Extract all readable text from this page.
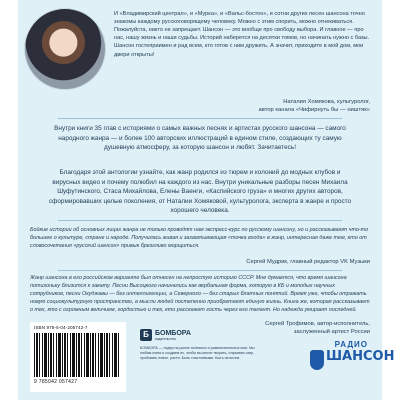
И «Владимирский централ», и «Мурка», и «Вальс-бостон», и сотни других песен шансона точно знакомы каждому русскоговорящему человеку. Можно с этим спорить, можно отнекиваться. Пожалуйста, никто не запрещает. Шансон — это вообще про свободу выбора. И главное — про нас, нашу жизнь и наши судьбы. Историй наберется на десятки томов, но начинать нужно с базы. Шансон гостеприимен и рад всем, кто готов с ним дружить. А значит, приходите в мой дом, мои двери открыты!
Наталия Хомякова, культуролог,
автор канала «Чифирнуть бы — ништяк»

Внутри книги 35 глав с историями о самых важных песнях и артистах русского шансона — самого народного жанра — и более 100 авторских иллюстраций в едином стиле, создающих ту самую душевную атмосферу, за которую шансон и любят. Зачитаетесь!

Благодаря этой антологии узнайте, как жанр родился из тюрем и колоний до модных клубов и вирусных видео и почему полюбил на каждого из нас. Внутри уникальные разборы песен Михаила Шуфутинского, Стаса Михайлова, Елены Ваенги, «Каспийского груза» и многих других авторов, сформировавших целые поколения, от Наталии Хомяковой, культуролога, эксперта в жанре и просто хорошего человека.

Бойкие истории об основных лицах жанра не только проводят нам экспресс-курс по русскому шансону, но и рассказывают что-то большее о культуре, стране и народе. Получилась живая и захватывающая «точка входа» в жанр, интересная даже тем, кто от словосочетания «русский шансон» привык брезгливо морщиться.

Сергей Мудрик, главный редактор VK Музыки

Жанр шансона в его российском варианте был отнесен на непростую историю СССР. Мне думается, что время шансона потихоньку близится к закату. Песни Высоцкого начинались как вербальная форма, которую в КБ и молодых научных сотрудников, песни Окуджавы — без интеллигенции, а Северного — без старых блатных понятий. Время уже, чтобы отражать новую социокультурную пространство, а мысли людей постепенно приобретают единую жизнь. Книга же, которая рассказывает о тех, кто с огромным величием, гордостью и тех, кто расскажет гость через его талант. Но надежда умирает последней.

Сергей Трофимов, автор-исполнитель,
заслуженный артист России
ISBN 978-5-04-205742-7
9 785042 057427
Б БОМБОРА
издательство
БОМБОРА — лидер на рынке полезных и развлекательных книг. Мы любим книги и создаем их, чтобы вы могли творить, открывать мир, пробовать новое, расти. Быть счастливыми. Быть на волне.
РАДИО
ШАНСОН
